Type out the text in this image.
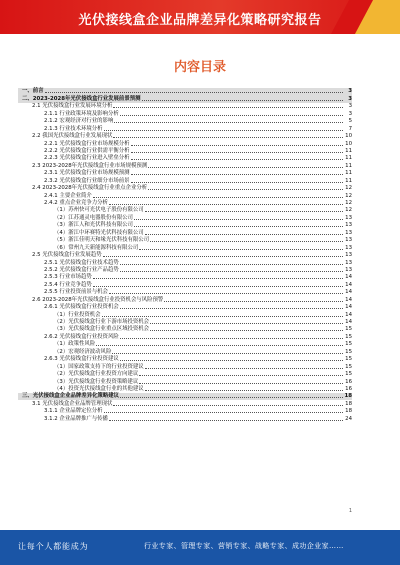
光伏接线盒企业品牌差异化策略研究报告
内容目录
一、前言	3
二、2023-2028年光伏接线盒行业发展前景预测	3
2.1 光伏接线盒行业发展环境分析	3
2.1.1 行业政策环境及影响分析	3
2.1.2 宏观经济对行业的影响	5
2.1.3 行业技术环境分析	7
2.2 我国光伏接线盒行业发展现状	10
2.2.1 光伏接线盒行业市场规模分析	10
2.2.2 光伏接线盒行业供需平衡分析	11
2.2.3 光伏接线盒行业进入壁垒分析	11
2.3 2023-2028年光伏接线盒行业市场规模预测	11
2.3.1 光伏接线盒行业市场规模预测	11
2.3.2 光伏接线盒行业细分市场前景	11
2.4 2023-2028年光伏接线盒行业重点企业分析	12
2.4.1 主要企业简介	12
2.4.2 重点企业竞争力分析	12
（1）苏州快可光伏电子股份有限公司	12
（2）江苏通灵电器股份有限公司	13
（3）浙江人和光伏科技有限公司	13
（4）浙江中环赛特光伏科技有限公司	13
（5）浙江佳明天和缘光伏科技有限公司	13
（6）常州九天新能源科技有限公司	13
2.5 光伏接线盒行业发展趋势	13
2.5.1 光伏接线盒行业技术趋势	13
2.5.2 光伏接线盒行业产品趋势	13
2.5.3 行业市场趋势	14
2.5.4 行业竞争趋势	14
2.5.5 行业投资前景与机会	14
2.6 2023-2028年光伏接线盒行业投资机会与风险预警	14
2.6.1 光伏接线盒行业投资机会	14
（1）行业投资机会	14
（2）光伏接线盒行业下游市场投资机会	14
（3）光伏接线盒行业重点区域投资机会	15
2.6.2 光伏接线盒行业投资风险	15
（1）政策性风险	15
（2）宏观经济波动风险	15
2.6.3 光伏接线盒行业投资建议	15
（1）国家政策支持下的行业投资建议	15
（2）光伏接线盒行业投资方向建议	15
（3）光伏接线盒行业投资策略建议	16
（4）投资光伏接线盒行业的其他建议	16
三、光伏接线盒企业品牌差异化策略建议	18
3.1 光伏接线盒企业品牌管理现状	18
3.1.1 企业品牌定位分析	18
3.1.2 企业品牌推广与传播	24
1
让每个人都能成为	行业专家、管理专家、营销专家、战略专家、成功企业家……
